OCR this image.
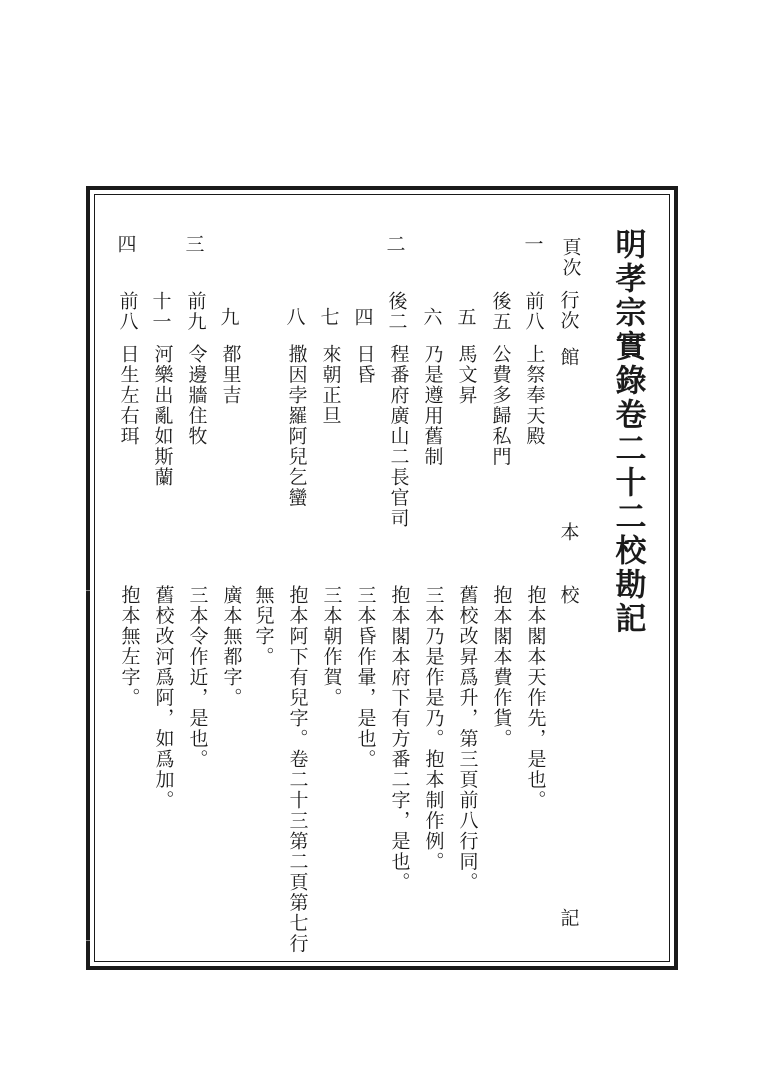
明孝宗實錄卷二十二校勘記
頁次
行次
館
本
校
記
一
前八
上祭奉天殿
抱本閣本天作先，是也。
後五
公費多歸私門
抱本閣本費作貨。
五
馬文昇
舊校改昇爲升，第三頁前八行同。
六
乃是遵用舊制
三本乃是作是乃。抱本制作例。
二
後二
程番府廣山二長官司
抱本閣本府下有方番二字，是也。
四
日昏
三本昏作暈，是也。
七
來朝正旦
三本朝作賀。
八
撒因孛羅阿兒乞蠻
抱本阿下有兒字。卷二十三第二頁第七行
無兒字。
九
都里吉
廣本無都字。
三
前九
令邊牆住牧
三本令作近，是也。
十一
河樂出亂如斯蘭
舊校改河爲阿，如爲加。
四
前八
日生左右珥
抱本無左字。
